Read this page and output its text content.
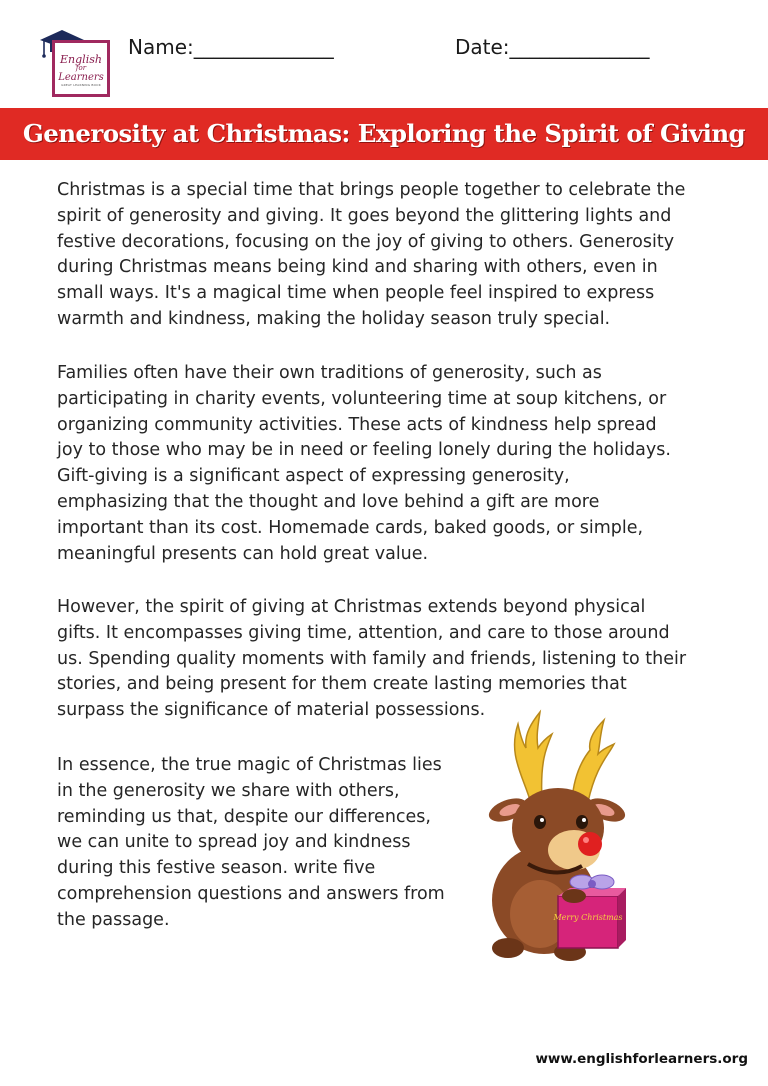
English
for
Learners
GREAT LEARNING BOOK
Name:______________	Date:______________
Generosity at Christmas: Exploring the Spirit of Giving
Christmas is a special time that brings people together to celebrate the
spirit of generosity and giving. It goes beyond the glittering lights and
festive decorations, focusing on the joy of giving to others. Generosity
during Christmas means being kind and sharing with others, even in
small ways. It's a magical time when people feel inspired to express
warmth and kindness, making the holiday season truly special.
Families often have their own traditions of generosity, such as
participating in charity events, volunteering time at soup kitchens, or
organizing community activities. These acts of kindness help spread
joy to those who may be in need or feeling lonely during the holidays.
Gift-giving is a significant aspect of expressing generosity,
emphasizing that the thought and love behind a gift are more
important than its cost. Homemade cards, baked goods, or simple,
meaningful presents can hold great value.
However, the spirit of giving at Christmas extends beyond physical
gifts. It encompasses giving time, attention, and care to those around
us. Spending quality moments with family and friends, listening to their
stories, and being present for them create lasting memories that
surpass the significance of material possessions.
In essence, the true magic of Christmas lies
in the generosity we share with others,
reminding us that, despite our differences,
we can unite to spread joy and kindness
during this festive season. write five
comprehension questions and answers from
the passage.	Merry Christmas
www.englishforlearners.org
